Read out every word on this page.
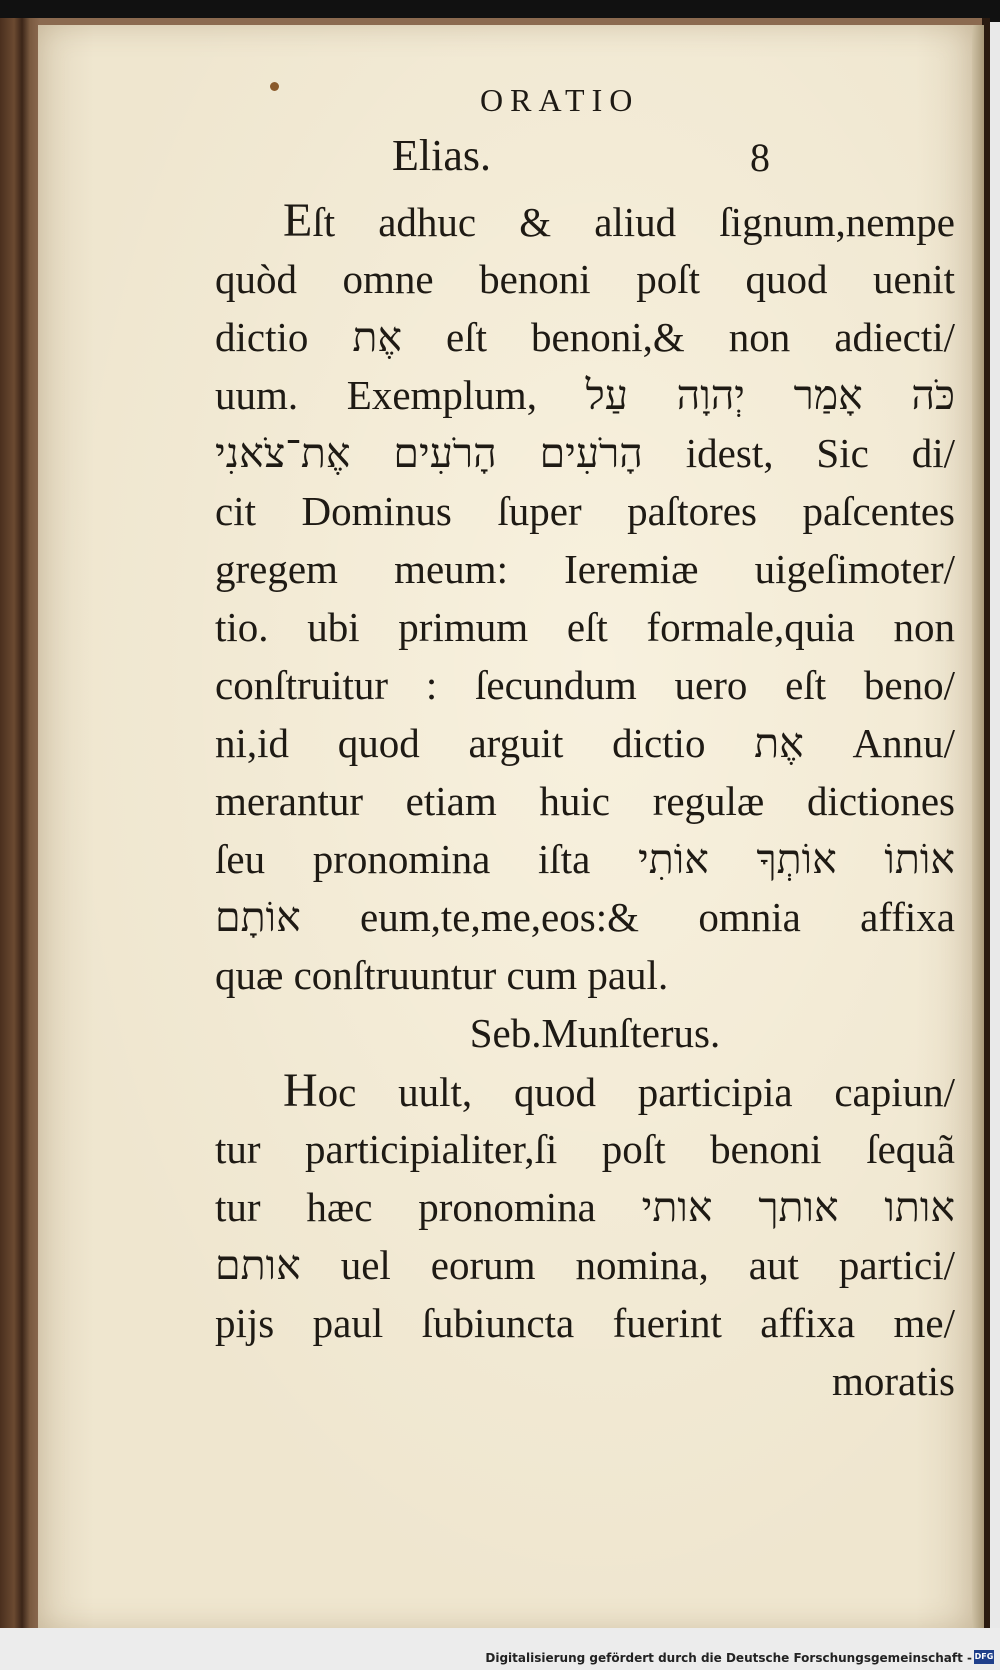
ORATIO
Elias.	8
Eſt adhuc & aliud ſignum,nempe
quòd omne benoni poſt quod uenit
dictio אֶת eſt benoni,& non adiecti/
uum. Exemplum, כֹּה אָמַר יְהוָה עַל
הָרֹעִים הָרֹעִים אֶת־צֹאנִי idest, Sic di/
cit Dominus ſuper paſtores paſcentes
gregem meum: Ieremiæ uigeſimoter/
tio. ubi primum eſt formale,quia non
conſtruitur : ſecundum uero eſt beno/
ni,id quod arguit dictio אֶת Annu/
merantur etiam huic regulæ dictiones
ſeu pronomina iſta אוֹתוֹ אוֹתְךָ אוֹתִי
אוֹתָם eum,te,me,eos:& omnia affixa
quæ conſtruuntur cum paul.
Seb.Munſterus.
Hoc uult, quod participia capiun/
tur participialiter,ſi poſt benoni ſequã
tur hæc pronomina אותו אותך אותי
אותם uel eorum nomina, aut partici/
pijs paul ſubiuncta fuerint affixa me/
moratis
Digitalisierung gefördert durch die Deutsche Forschungsgemeinschaft - DFG
